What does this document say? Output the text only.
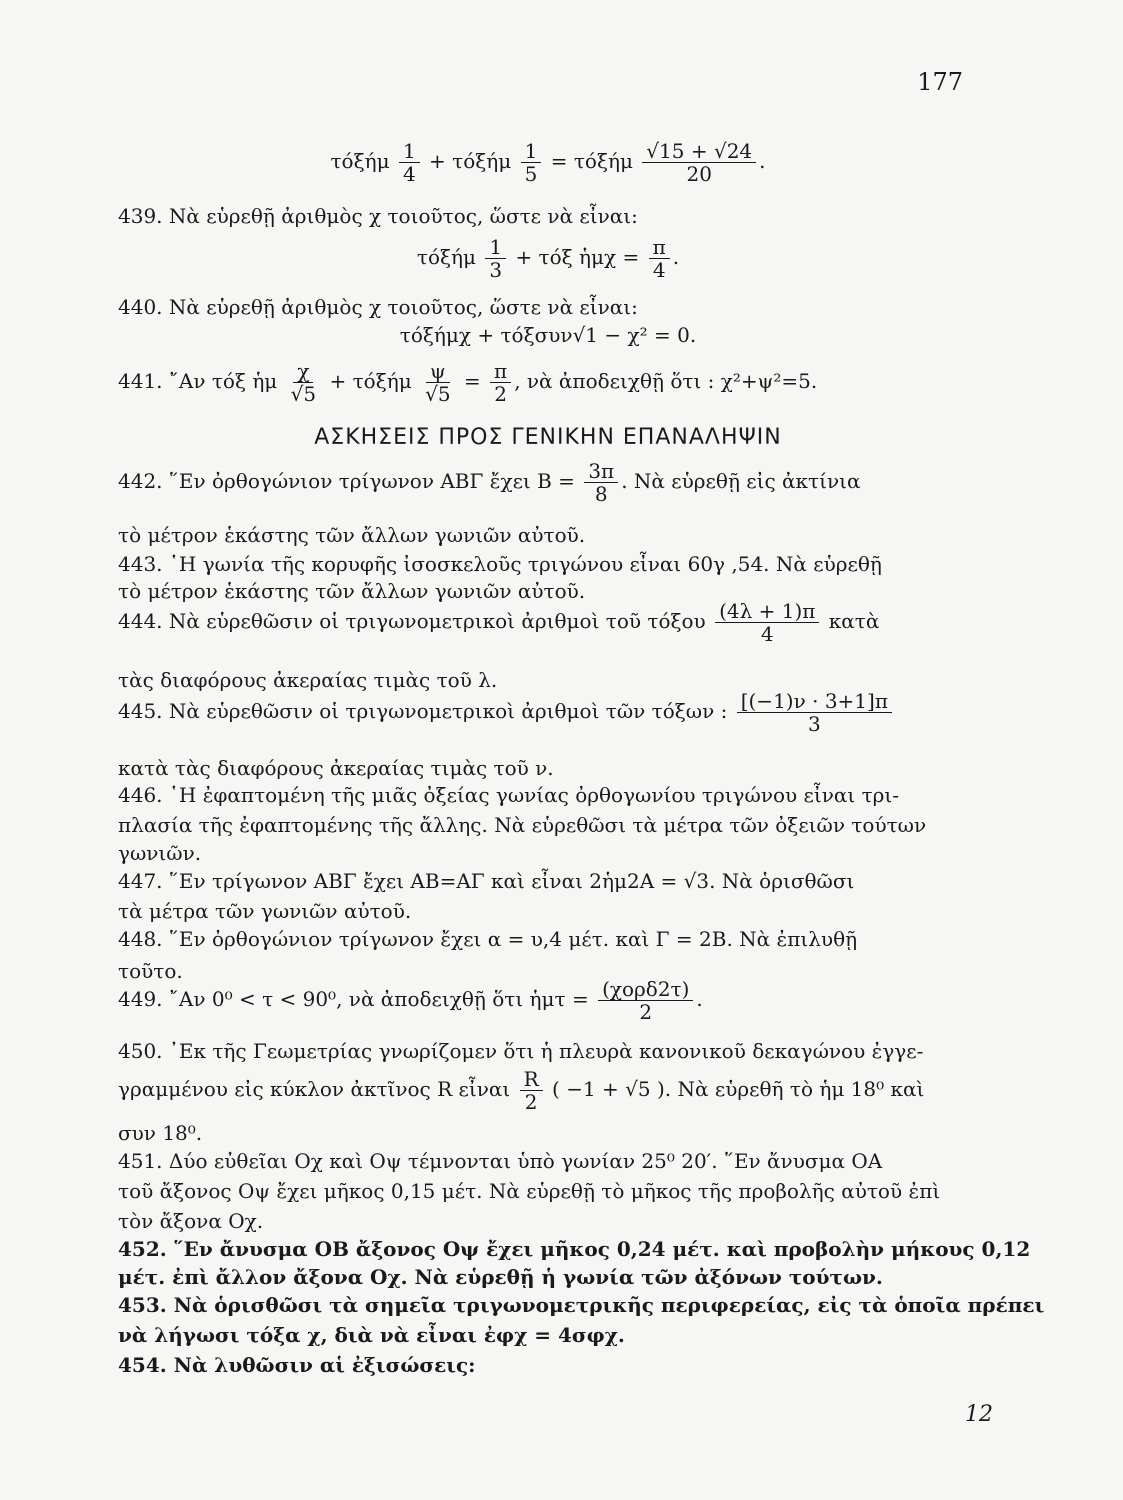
177
τόξήμ $\frac{1}{4} + \tau ό\xi ή\mu \frac{1}{5} = \tau ό\xi ή\mu \frac{√15 + √24}{20}$ .
439. Νὰ εὑρεθῇ ἀριθμὸς χ τοιοῦτος, ὥστε νὰ εἶναι:
τόξήμ $\frac{1}{3} + \tau ό\xi$ ἡμχ = $\frac{\pi}{4}$ .
440. Νὰ εὑρεθῇ ἀριθμὸς χ τοιοῦτος, ὥστε νὰ εἶναι:
τόξήμχ + τόξσυν√1 − χ² = 0.
441. ῎Αν τόξ ἡμ $\frac{\chi}{√5} + \tau ό\xi ή\mu \frac{\psi}{√5} = \frac{\pi}{2}$ , νὰ ἀποδειχθῇ ὅτι : χ²+ψ²=5.
ΑΣΚΗΣΕΙΣ ΠΡΟΣ ΓΕΝΙΚΗΝ ΕΠΑΝΑΛΗΨΙΝ
442. ῞Εν ὀρθογώνιον τρίγωνον ΑΒΓ ἔχει $B = \frac{3\pi}{8}$ . Νὰ εὑρεθῇ εἰς ἀκτίνια
τὸ μέτρον ἑκάστης τῶν ἄλλων γωνιῶν αὐτοῦ.
443. ῾Η γωνία τῆς κορυφῆς ἰσοσκελοῦς τριγώνου εἶναι 60γ ,54. Νὰ εὑρεθῇ
τὸ μέτρον ἑκάστης τῶν ἄλλων γωνιῶν αὐτοῦ.
444. Νὰ εὑρεθῶσιν οἱ τριγωνομετρικοὶ ἀριθμοὶ τοῦ τόξου $\frac{(4\lambda + 1)\pi}{4}$ κατὰ
τὰς διαφόρους ἀκεραίας τιμὰς τοῦ λ.
445. Νὰ εὑρεθῶσιν οἱ τριγωνομετρικοὶ ἀριθμοὶ τῶν τόξων : $\frac{[(-1)\nu \cdot 3+1]\pi}{3}$
κατὰ τὰς διαφόρους ἀκεραίας τιμὰς τοῦ ν.
446. ῾Η ἐφαπτομένη τῆς μιᾶς ὀξείας γωνίας ὀρθογωνίου τριγώνου εἶναι τρι-
πλασία τῆς ἐφαπτομένης τῆς ἄλλης. Νὰ εὑρεθῶσι τὰ μέτρα τῶν ὀξειῶν τούτων
γωνιῶν.
447. ῞Εν τρίγωνον ΑΒΓ ἔχει ΑΒ=ΑΓ καὶ εἶναι 2ἡμ2Α = √3. Νὰ ὁρισθῶσι
τὰ μέτρα τῶν γωνιῶν αὐτοῦ.
448. ῞Εν ὀρθογώνιον τρίγωνον ἔχει α = υ,4 μέτ. καὶ Γ = 2Β. Νὰ ἐπιλυθῇ
τοῦτο.
449. ῎Αν 0⁰ < τ < 90⁰, νὰ ἀποδειχθῇ ὅτι ἡμτ = $\frac{\text{(χορδ2τ)}}{2}$ .
450. ᾿Εκ τῆς Γεωμετρίας γνωρίζομεν ὅτι ἡ πλευρὰ κανονικοῦ δεκαγώνου ἐγγε-
γραμμένου εἰς κύκλον ἀκτῖνος R εἶναι $\frac{R}{2}$ ( −1 + √5 ). Νὰ εὑρεθῆ τὸ ἡμ 18⁰ καὶ
συν 18⁰.
451. Δύο εὐθεῖαι Οχ καὶ Οψ τέμνονται ὑπὸ γωνίαν 25⁰ 20′. ῞Εν ἄνυσμα ΟΑ
τοῦ ἄξονος Οψ ἔχει μῆκος 0,15 μέτ. Νὰ εὑρεθῇ τὸ μῆκος τῆς προβολῆς αὐτοῦ ἐπὶ
τὸν ἄξονα Οχ.
452. ῞Εν ἄνυσμα ΟΒ ἄξονος Οψ ἔχει μῆκος 0,24 μέτ. καὶ προβολὴν μήκους 0,12
μέτ. ἐπὶ ἄλλον ἄξονα Οχ. Νὰ εὑρεθῇ ἡ γωνία τῶν ἀξόνων τούτων.
453. Νὰ ὁρισθῶσι τὰ σημεῖα τριγωνομετρικῆς περιφερείας, εἰς τὰ ὁποῖα πρέπει
νὰ λήγωσι τόξα χ, διὰ νὰ εἶναι ἐφχ = 4σφχ.
454. Νὰ λυθῶσιν αἱ ἐξισώσεις:
12
